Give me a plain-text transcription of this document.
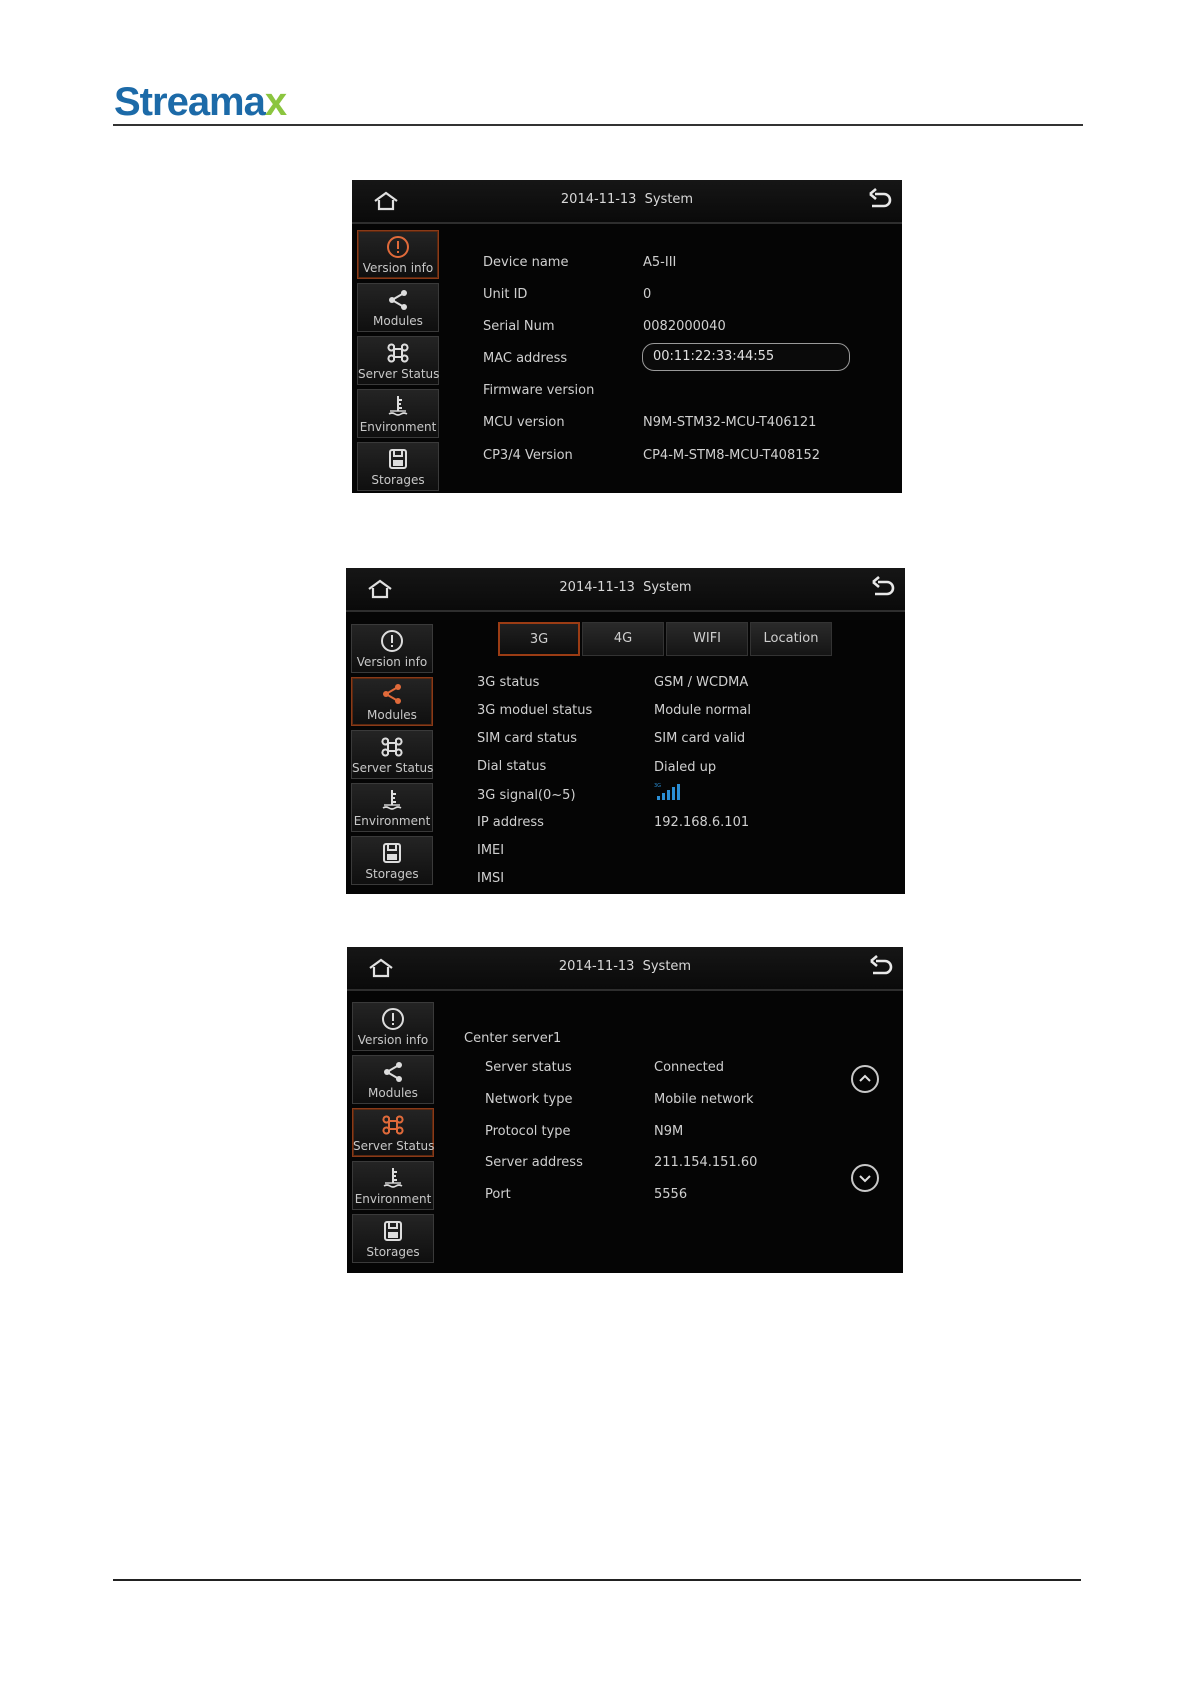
Streamax
2014-11-13 System
Version info
Modules
Server Status
Environment
Storages
Device name	A5-III
Unit ID	0
Serial Num	0082000040
MAC address	00:11:22:33:44:55
Firmware version
MCU version	N9M-STM32-MCU-T406121
CP3/4 Version	CP4-M-STM8-MCU-T408152
2014-11-13 System
Version info
Modules
Server Status
Environment
Storages
3G	4G	WIFI	Location
3G status	GSM / WCDMA
3G moduel status	Module normal
SIM card status	SIM card valid
Dial status	Dialed up
3G signal(0~5)
3G
IP address	192.168.6.101
IMEI
IMSI
2014-11-13 System
Version info
Modules
Server Status
Environment
Storages
Center server1
Server status	Connected
Network type	Mobile network
Protocol type	N9M
Server address	211.154.151.60
Port	5556
